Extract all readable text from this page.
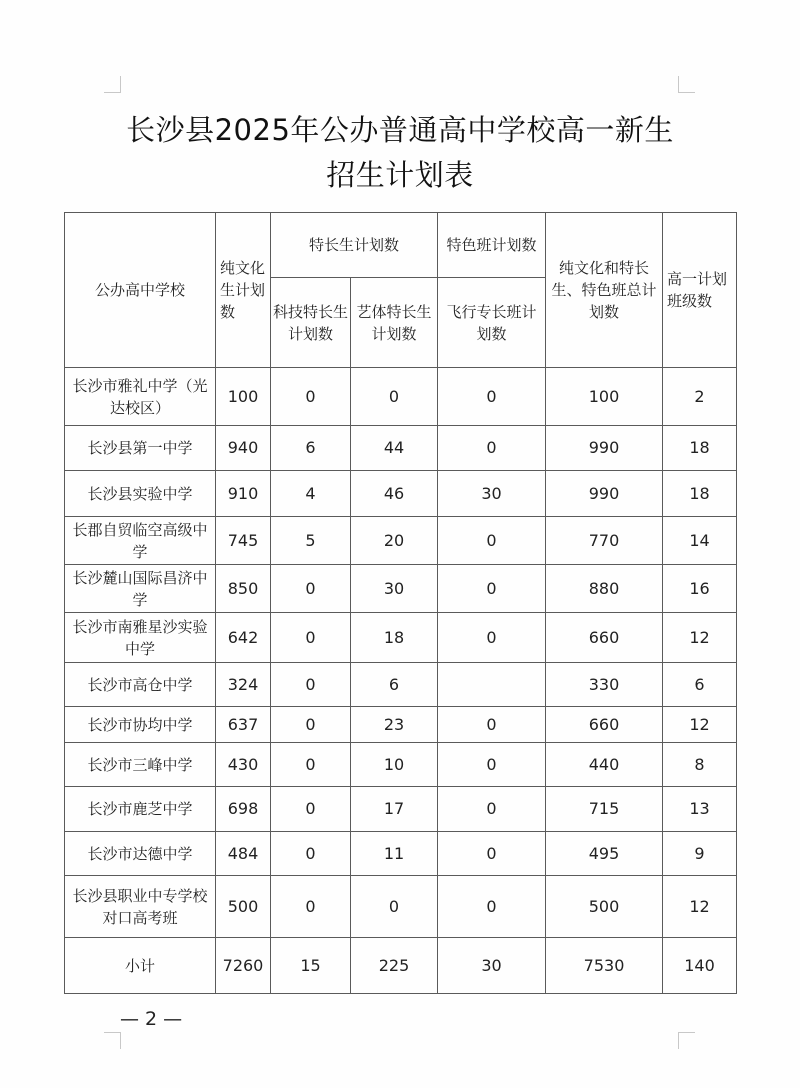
长沙县2025年公办普通高中学校高一新生
招生计划表
公办高中学校	纯文化生计划数	特长生计划数		特色班计划数	纯文化和特长生、特色班总计划数	高一计划班级数
		科技特长生计划数	艺体特长生计划数	飞行专长班计划数		
长沙市雅礼中学（光达校区）	100	0	0	0	100	2
长沙县第一中学	940	6	44	0	990	18
长沙县实验中学	910	4	46	30	990	18
长郡自贸临空高级中学	745	5	20	0	770	14
长沙麓山国际昌济中学	850	0	30	0	880	16
长沙市南雅星沙实验中学	642	0	18	0	660	12
长沙市高仓中学	324	0	6		330	6
长沙市协均中学	637	0	23	0	660	12
长沙市三峰中学	430	0	10	0	440	8
长沙市鹿芝中学	698	0	17	0	715	13
长沙市达德中学	484	0	11	0	495	9
长沙县职业中专学校对口高考班	500	0	0	0	500	12
小计	7260	15	225	30	7530	140
— 2 —
